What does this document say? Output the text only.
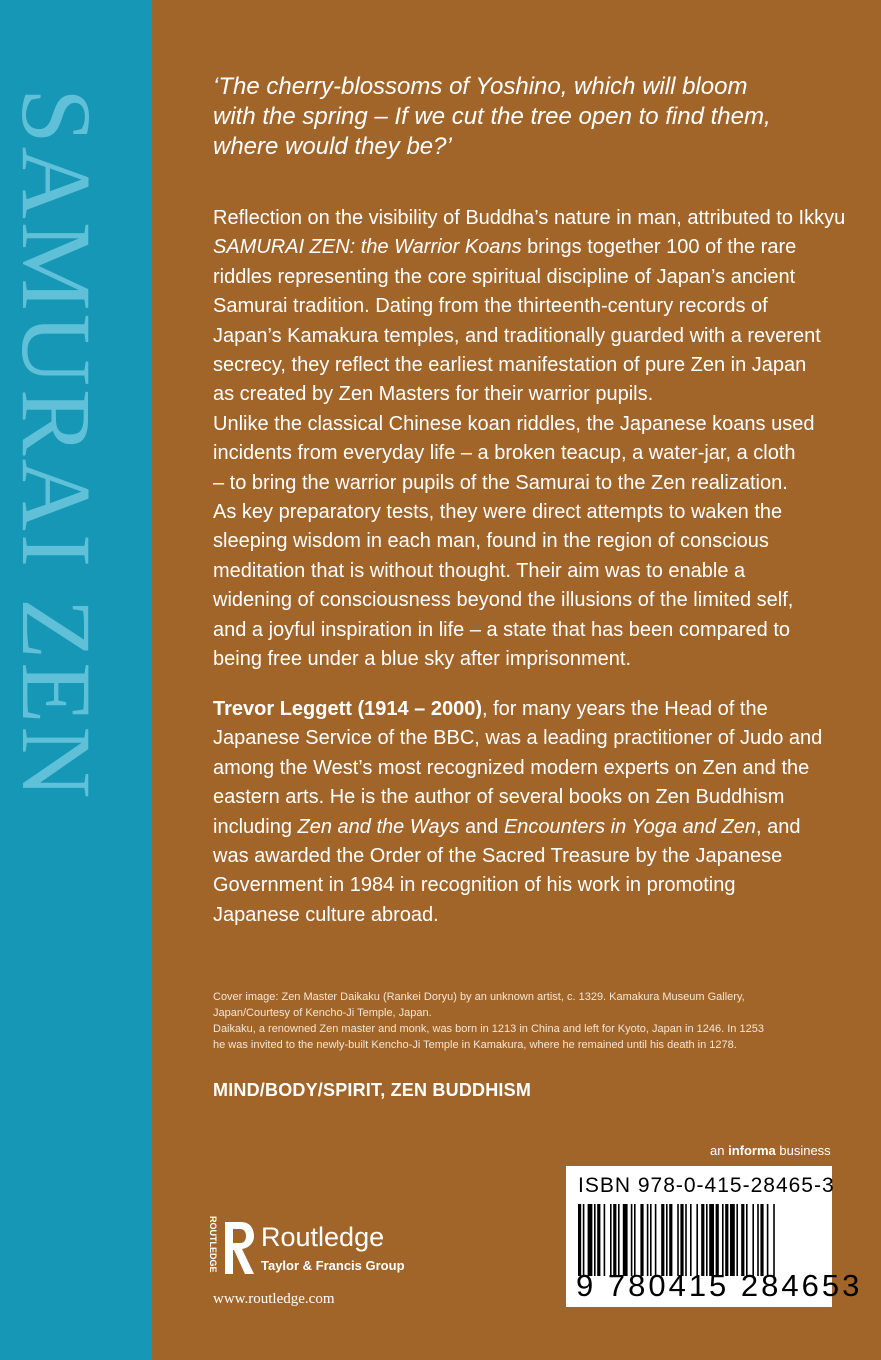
SAMURAI ZEN
‘The cherry-blossoms of Yoshino, which will bloom
with the spring – If we cut the tree open to find them,
where would they be?’
Reflection on the visibility of Buddha’s nature in man, attributed to Ikkyu
SAMURAI ZEN: the Warrior Koans brings together 100 of the rare
riddles representing the core spiritual discipline of Japan’s ancient
Samurai tradition. Dating from the thirteenth-century records of
Japan’s Kamakura temples, and traditionally guarded with a reverent
secrecy, they reflect the earliest manifestation of pure Zen in Japan
as created by Zen Masters for their warrior pupils.
Unlike the classical Chinese koan riddles, the Japanese koans used
incidents from everyday life – a broken teacup, a water-jar, a cloth
– to bring the warrior pupils of the Samurai to the Zen realization.
As key preparatory tests, they were direct attempts to waken the
sleeping wisdom in each man, found in the region of conscious
meditation that is without thought. Their aim was to enable a
widening of consciousness beyond the illusions of the limited self,
and a joyful inspiration in life – a state that has been compared to
being free under a blue sky after imprisonment.
Trevor Leggett (1914 – 2000), for many years the Head of the
Japanese Service of the BBC, was a leading practitioner of Judo and
among the West’s most recognized modern experts on Zen and the
eastern arts. He is the author of several books on Zen Buddhism
including Zen and the Ways and Encounters in Yoga and Zen, and
was awarded the Order of the Sacred Treasure by the Japanese
Government in 1984 in recognition of his work in promoting
Japanese culture abroad.
Cover image: Zen Master Daikaku (Rankei Doryu) by an unknown artist, c. 1329. Kamakura Museum Gallery,
Japan/Courtesy of Kencho-Ji Temple, Japan.
Daikaku, a renowned Zen master and monk, was born in 1213 in China and left for Kyoto, Japan in 1246. In 1253
he was invited to the newly-built Kencho-Ji Temple in Kamakura, where he remained until his death in 1278.
MIND/BODY/SPIRIT, ZEN BUDDHISM
an informa business
ISBN 978-0-415-28465-3
9 780415 284653
ROUTLEDGE Routledge
Taylor & Francis Group
www.routledge.com
